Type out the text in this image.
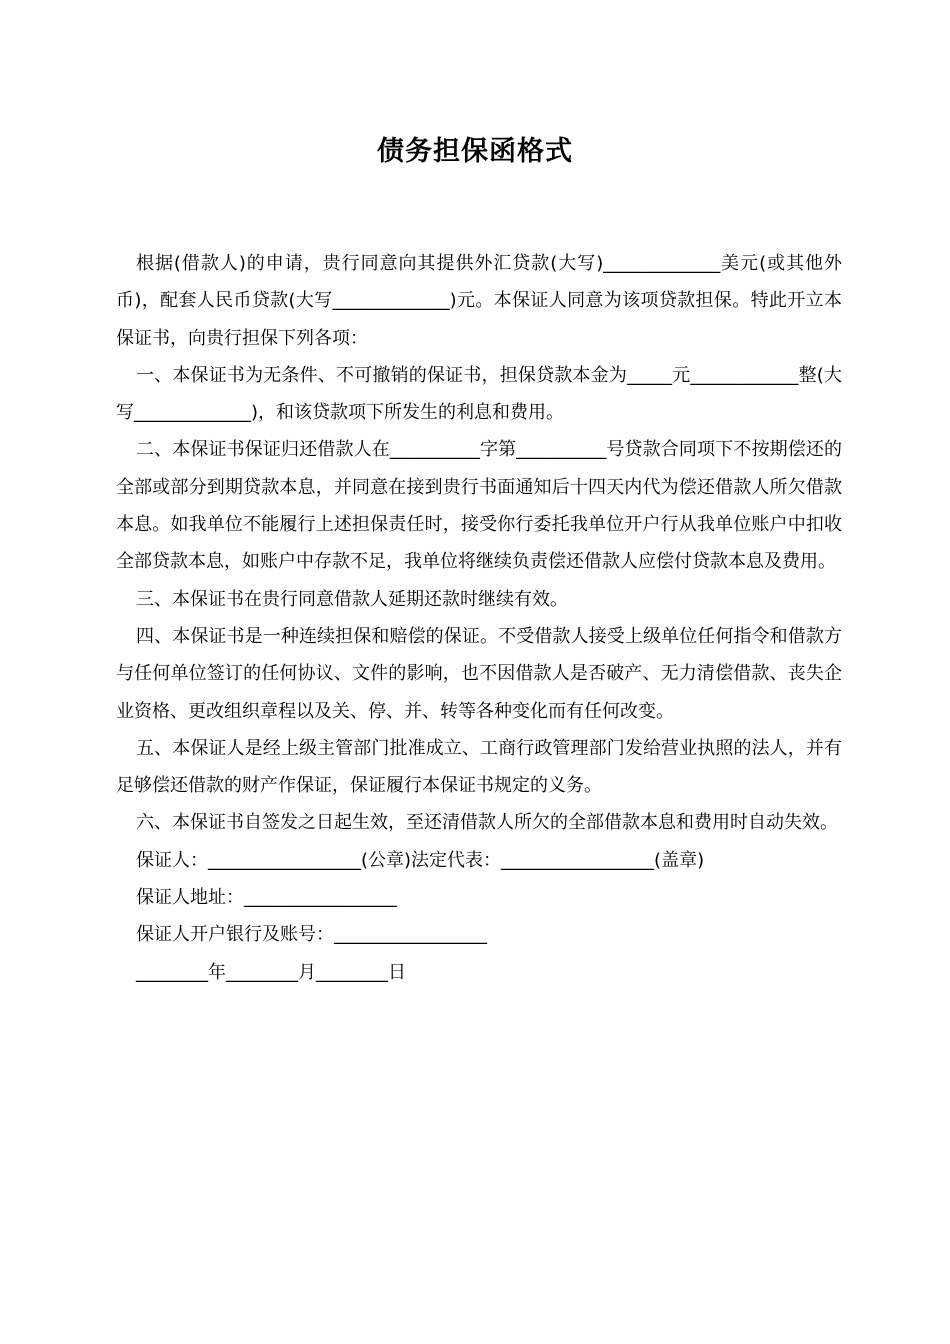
债务担保函格式

根据(借款人)的申请，贵行同意向其提供外汇贷款(大写)_____________美元(或其他外币)，配套人民币贷款(大写_____________)元。本保证人同意为该项贷款担保。特此开立本保证书，向贵行担保下列各项：

一、本保证书为无条件、不可撤销的保证书，担保贷款本金为_____元____________整(大写_____________)，和该贷款项下所发生的利息和费用。

二、本保证书保证归还借款人在__________字第__________号贷款合同项下不按期偿还的全部或部分到期贷款本息，并同意在接到贵行书面通知后十四天内代为偿还借款人所欠借款本息。如我单位不能履行上述担保责任时，接受你行委托我单位开户行从我单位账户中扣收全部贷款本息，如账户中存款不足，我单位将继续负责偿还借款人应偿付贷款本息及费用。

三、本保证书在贵行同意借款人延期还款时继续有效。

四、本保证书是一种连续担保和赔偿的保证。不受借款人接受上级单位任何指令和借款方与任何单位签订的任何协议、文件的影响，也不因借款人是否破产、无力清偿借款、丧失企业资格、更改组织章程以及关、停、并、转等各种变化而有任何改变。

五、本保证人是经上级主管部门批准成立、工商行政管理部门发给营业执照的法人，并有足够偿还借款的财产作保证，保证履行本保证书规定的义务。

六、本保证书自签发之日起生效，至还清借款人所欠的全部借款本息和费用时自动失效。

保证人：_________________(公章)法定代表：_________________(盖章)

保证人地址：_________________

保证人开户银行及账号：_________________

________年________月________日
